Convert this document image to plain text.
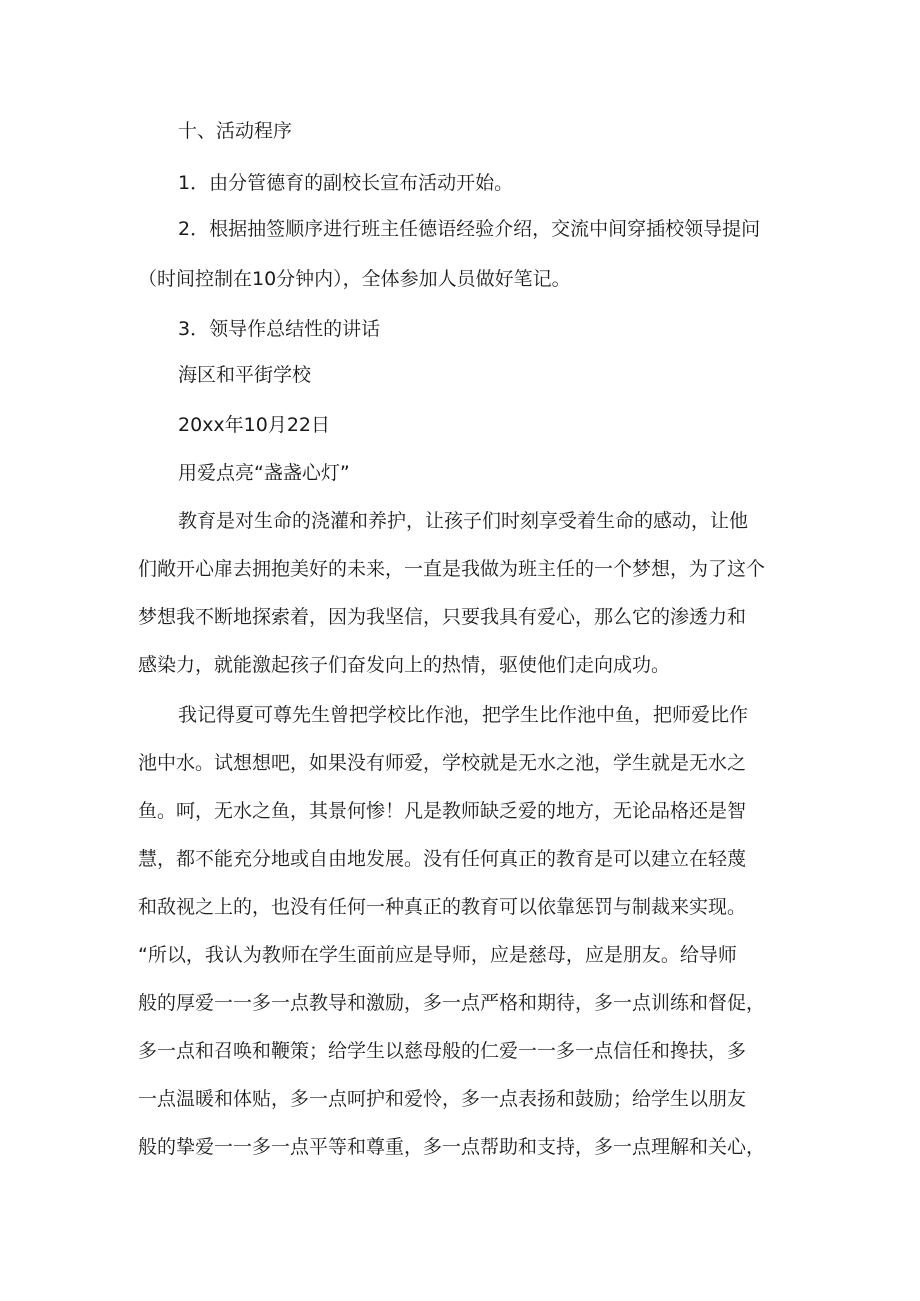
十、活动程序
1．由分管德育的副校长宣布活动开始。
2．根据抽签顺序进行班主任德语经验介绍，交流中间穿插校领导提问
（时间控制在10分钟内），全体参加人员做好笔记。
3．领导作总结性的讲话
海区和平街学校
20xx年10月22日
用爱点亮“盏盏心灯”
教育是对生命的浇灌和养护，让孩子们时刻享受着生命的感动，让他
们敞开心扉去拥抱美好的未来，一直是我做为班主任的一个梦想，为了这个
梦想我不断地探索着，因为我坚信，只要我具有爱心，那么它的渗透力和
感染力，就能激起孩子们奋发向上的热情，驱使他们走向成功。
我记得夏可尊先生曾把学校比作池，把学生比作池中鱼，把师爱比作
池中水。试想想吧，如果没有师爱，学校就是无水之池，学生就是无水之
鱼。呵，无水之鱼，其景何惨！凡是教师缺乏爱的地方，无论品格还是智
慧，都不能充分地或自由地发展。没有任何真正的教育是可以建立在轻蔑
和敌视之上的，也没有任何一种真正的教育可以依靠惩罚与制裁来实现。
“所以，我认为教师在学生面前应是导师，应是慈母，应是朋友。给导师
般的厚爱一一多一点教导和激励，多一点严格和期待，多一点训练和督促，
多一点和召唤和鞭策；给学生以慈母般的仁爱一一多一点信任和搀扶，多
一点温暖和体贴，多一点呵护和爱怜，多一点表扬和鼓励；给学生以朋友
般的挚爱一一多一点平等和尊重，多一点帮助和支持，多一点理解和关心，
